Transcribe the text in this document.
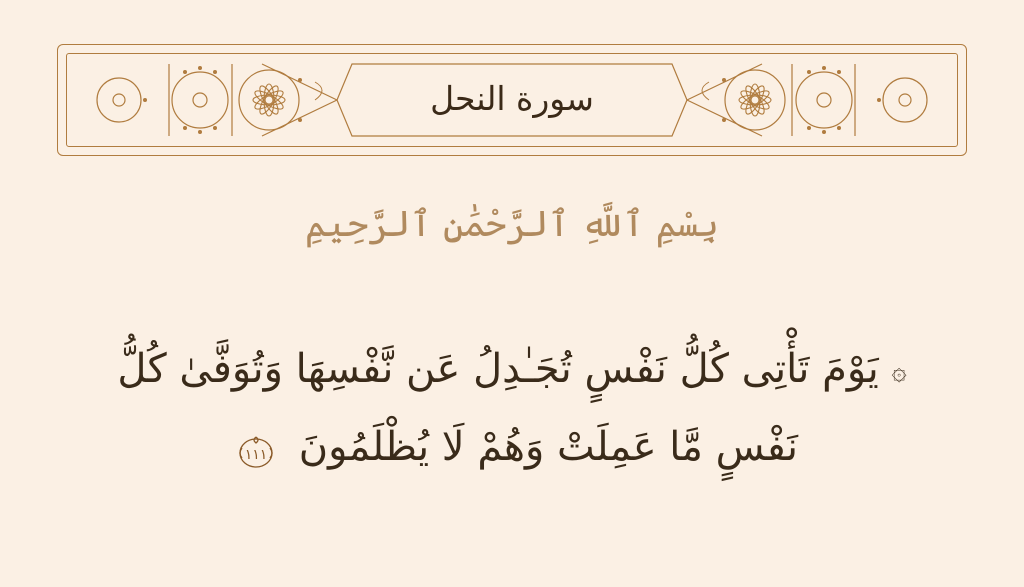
سورة النحل
بِسْمِ ٱللَّهِ ٱلرَّحْمَٰنِ ٱلرَّحِيمِ
۞ يَوْمَ تَأْتِى كُلُّ نَفْسٍ تُجَـٰدِلُ عَن نَّفْسِهَا وَتُوَفَّىٰ كُلُّ
نَفْسٍ مَّا عَمِلَتْ وَهُمْ لَا يُظْلَمُونَ
١١١
